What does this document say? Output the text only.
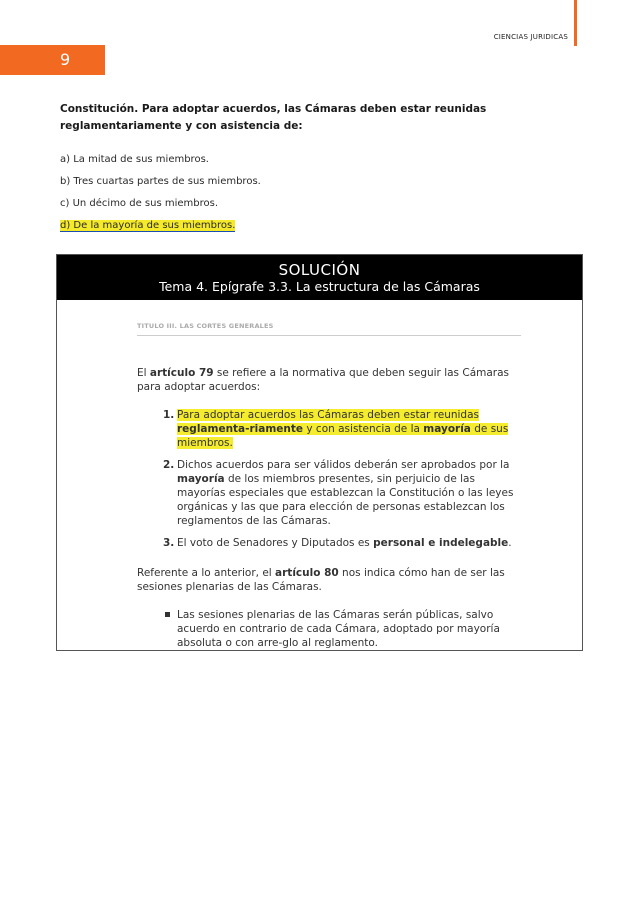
CIENCIAS JURIDICAS
9
Constitución. Para adoptar acuerdos, las Cámaras deben estar reunidas reglamentariamente y con asistencia de:
a) La mitad de sus miembros.
b) Tres cuartas partes de sus miembros.
c) Un décimo de sus miembros.
d) De la mayoría de sus miembros.
SOLUCIÓN
Tema 4. Epígrafe 3.3. La estructura de las Cámaras
TITULO III. LAS CORTES GENERALES
El artículo 79 se refiere a la normativa que deben seguir las Cámaras para adoptar acuerdos:
1. Para adoptar acuerdos las Cámaras deben estar reunidas reglamenta-riamente y con asistencia de la mayoría de sus miembros.
2. Dichos acuerdos para ser válidos deberán ser aprobados por la mayoría de los miembros presentes, sin perjuicio de las mayorías especiales que establezcan la Constitución o las leyes orgánicas y las que para elección de personas establezcan los reglamentos de las Cámaras.
3. El voto de Senadores y Diputados es personal e indelegable.
Referente a lo anterior, el artículo 80 nos indica cómo han de ser las sesiones plenarias de las Cámaras.
Las sesiones plenarias de las Cámaras serán públicas, salvo acuerdo en contrario de cada Cámara, adoptado por mayoría absoluta o con arre-glo al reglamento.
